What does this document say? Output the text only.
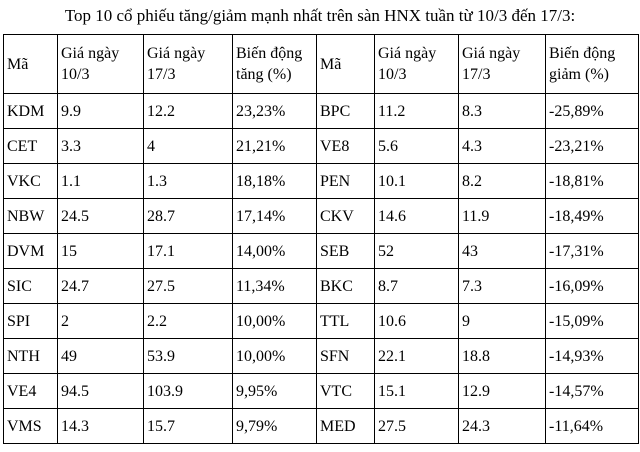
Top 10 cổ phiếu tăng/giảm mạnh nhất trên sàn HNX tuần từ 10/3 đến 17/3:
Mã	Giá ngày 10/3	Giá ngày 17/3	Biến động tăng (%)	Mã	Giá ngày 10/3	Giá ngày 17/3	Biến động giảm (%)
KDM	9.9	12.2	23,23%	BPC	11.2	8.3	-25,89%
CET	3.3	4	21,21%	VE8	5.6	4.3	-23,21%
VKC	1.1	1.3	18,18%	PEN	10.1	8.2	-18,81%
NBW	24.5	28.7	17,14%	CKV	14.6	11.9	-18,49%
DVM	15	17.1	14,00%	SEB	52	43	-17,31%
SIC	24.7	27.5	11,34%	BKC	8.7	7.3	-16,09%
SPI	2	2.2	10,00%	TTL	10.6	9	-15,09%
NTH	49	53.9	10,00%	SFN	22.1	18.8	-14,93%
VE4	94.5	103.9	9,95%	VTC	15.1	12.9	-14,57%
VMS	14.3	15.7	9,79%	MED	27.5	24.3	-11,64%
